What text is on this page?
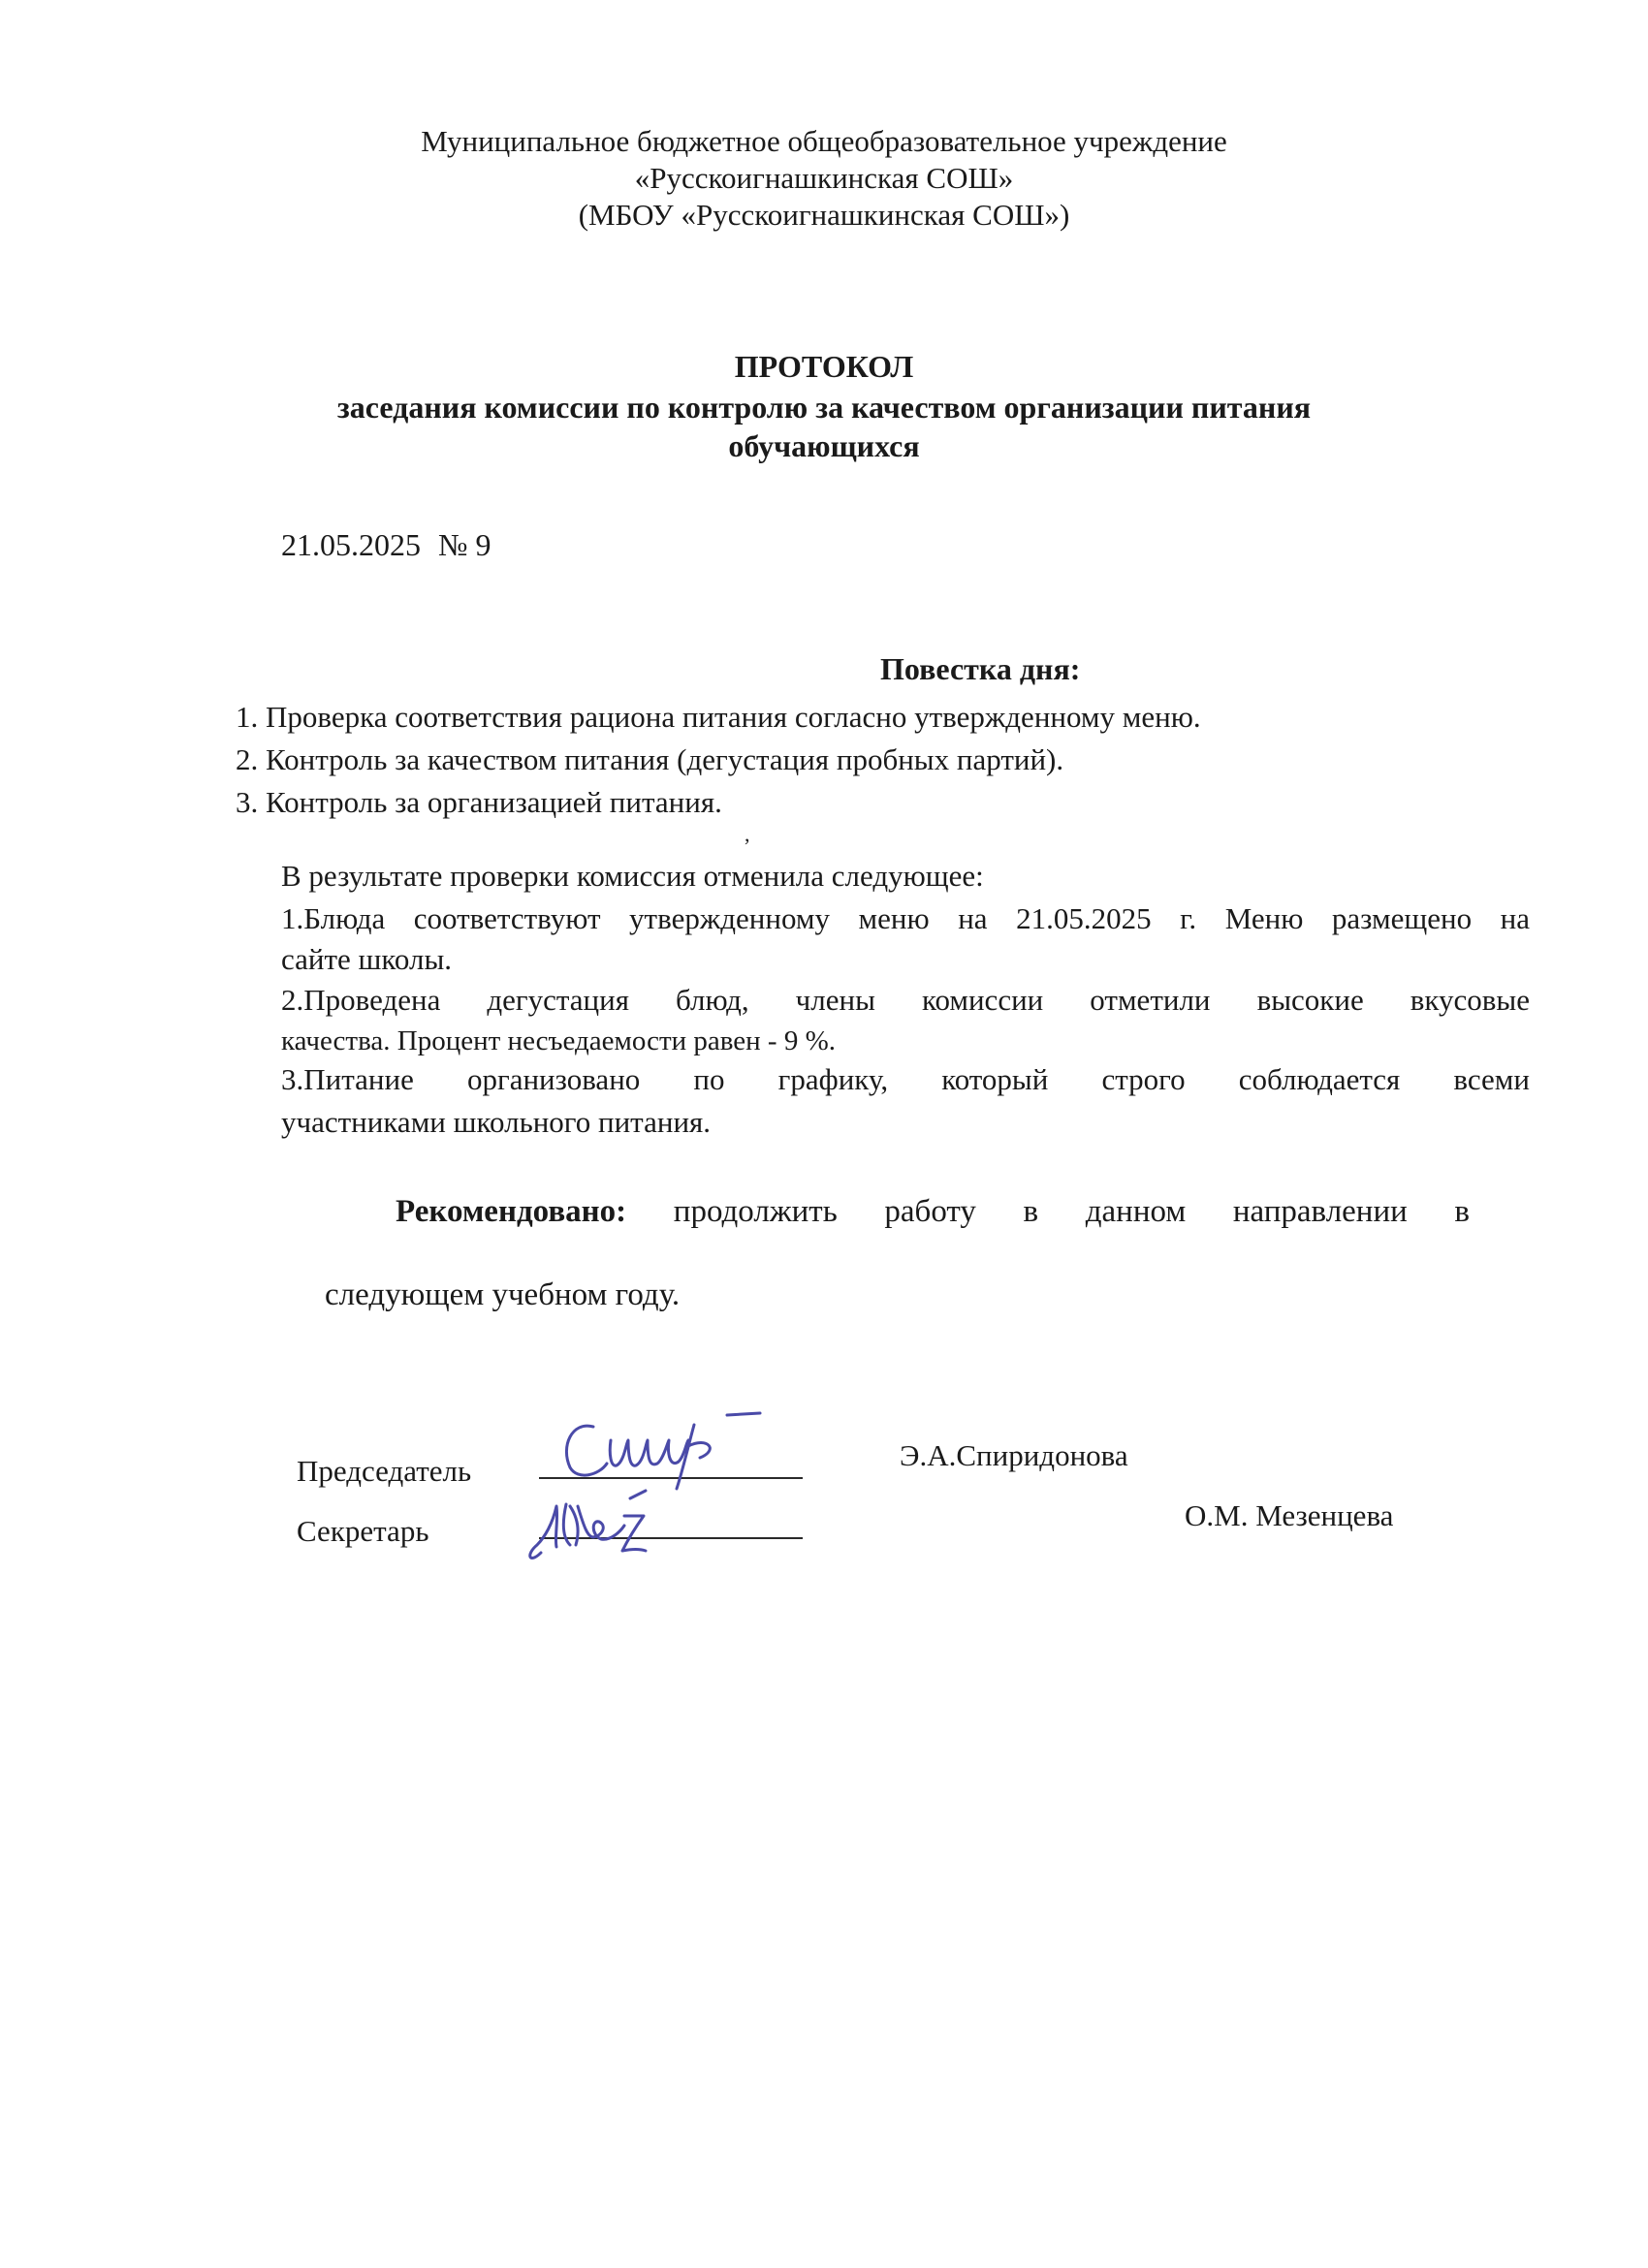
Муниципальное бюджетное общеобразовательное учреждение
«Русскоигнашкинская СОШ»
(МБОУ «Русскоигнашкинская СОШ»)
ПРОТОКОЛ
заседания комиссии по контролю за качеством организации питания
обучающихся
21.05.2025 № 9
Повестка дня:
1. Проверка соответствия рациона питания согласно утвержденному меню.
2. Контроль за качеством питания (дегустация пробных партий).
3. Контроль за организацией питания.
,
В результате проверки комиссия отменила следующее:
1.Блюда соответствуют утвержденному меню на 21.05.2025 г. Меню размещено на
сайте школы.
2.Проведена дегустация блюд, члены комиссии отметили высокие вкусовые
качества. Процент несъедаемости равен - 9 %.
3.Питание организовано по графику, который строго соблюдается всеми
участниками школьного питания.
Рекомендовано: продолжить работу в данном направлении в
следующем учебном году.
Председатель	Э.А.Спиридонова
Секретарь	О.М. Мезенцева
